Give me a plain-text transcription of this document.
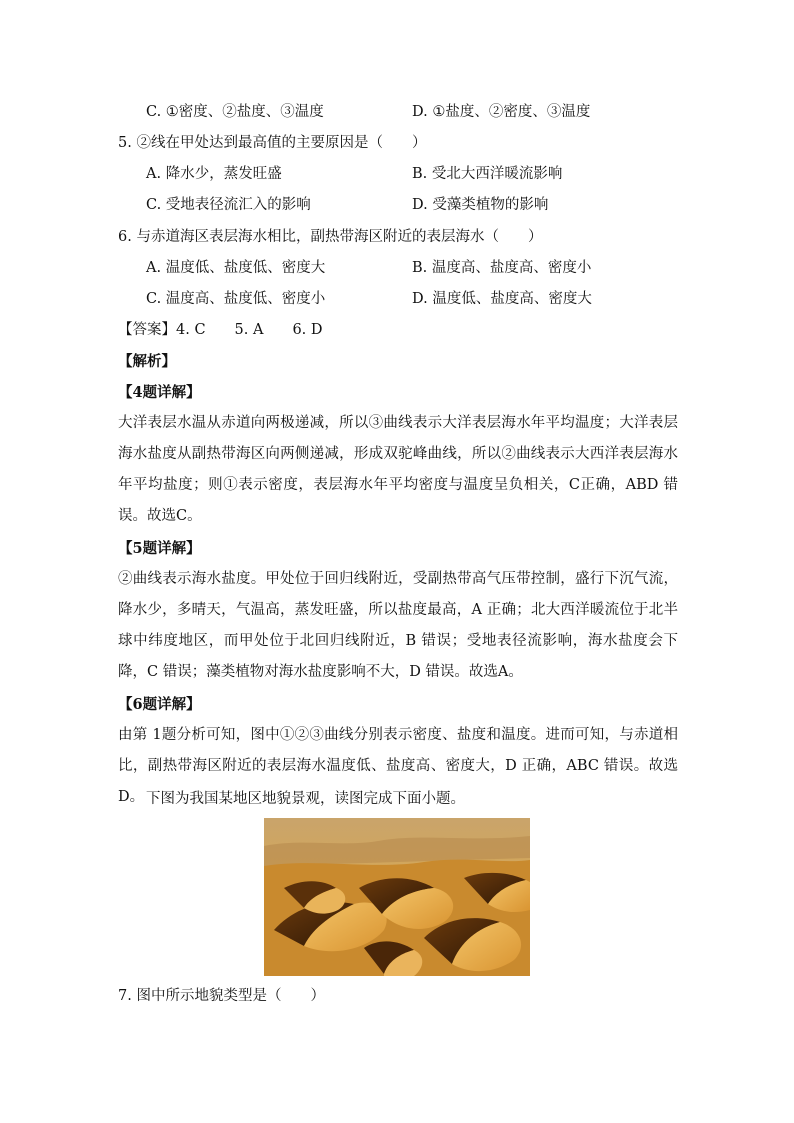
C. ①密度、②盐度、③温度	D. ①盐度、②密度、③温度
5. ②线在甲处达到最高值的主要原因是（　　）
A. 降水少，蒸发旺盛	B. 受北大西洋暖流影响
C. 受地表径流汇入的影响	D. 受藻类植物的影响
6. 与赤道海区表层海水相比，副热带海区附近的表层海水（　　）
A. 温度低、盐度低、密度大	B. 温度高、盐度高、密度小
C. 温度高、盐度低、密度小	D. 温度低、盐度高、密度大
【答案】4. C　　5. A　　6. D
【解析】
【4题详解】
大洋表层水温从赤道向两极递减，所以③曲线表示大洋表层海水年平均温度；大洋表层海水盐度从副热带海区向两侧递减，形成双驼峰曲线，所以②曲线表示大西洋表层海水年平均盐度；则①表示密度，表层海水年平均密度与温度呈负相关，C正确，ABD 错误。故选C。
【5题详解】
②曲线表示海水盐度。甲处位于回归线附近，受副热带高气压带控制，盛行下沉气流，降水少，多晴天，气温高，蒸发旺盛，所以盐度最高，A 正确；北大西洋暖流位于北半球中纬度地区，而甲处位于北回归线附近，B 错误；受地表径流影响，海水盐度会下降，C 错误；藻类植物对海水盐度影响不大，D 错误。故选A。
【6题详解】
由第 1题分析可知，图中①②③曲线分别表示密度、盐度和温度。进而可知，与赤道相比，副热带海区附近的表层海水温度低、盐度高、密度大，D 正确，ABC 错误。故选D。 下图为我国某地区地貌景观，读图完成下面小题。
7. 图中所示地貌类型是（　　）
